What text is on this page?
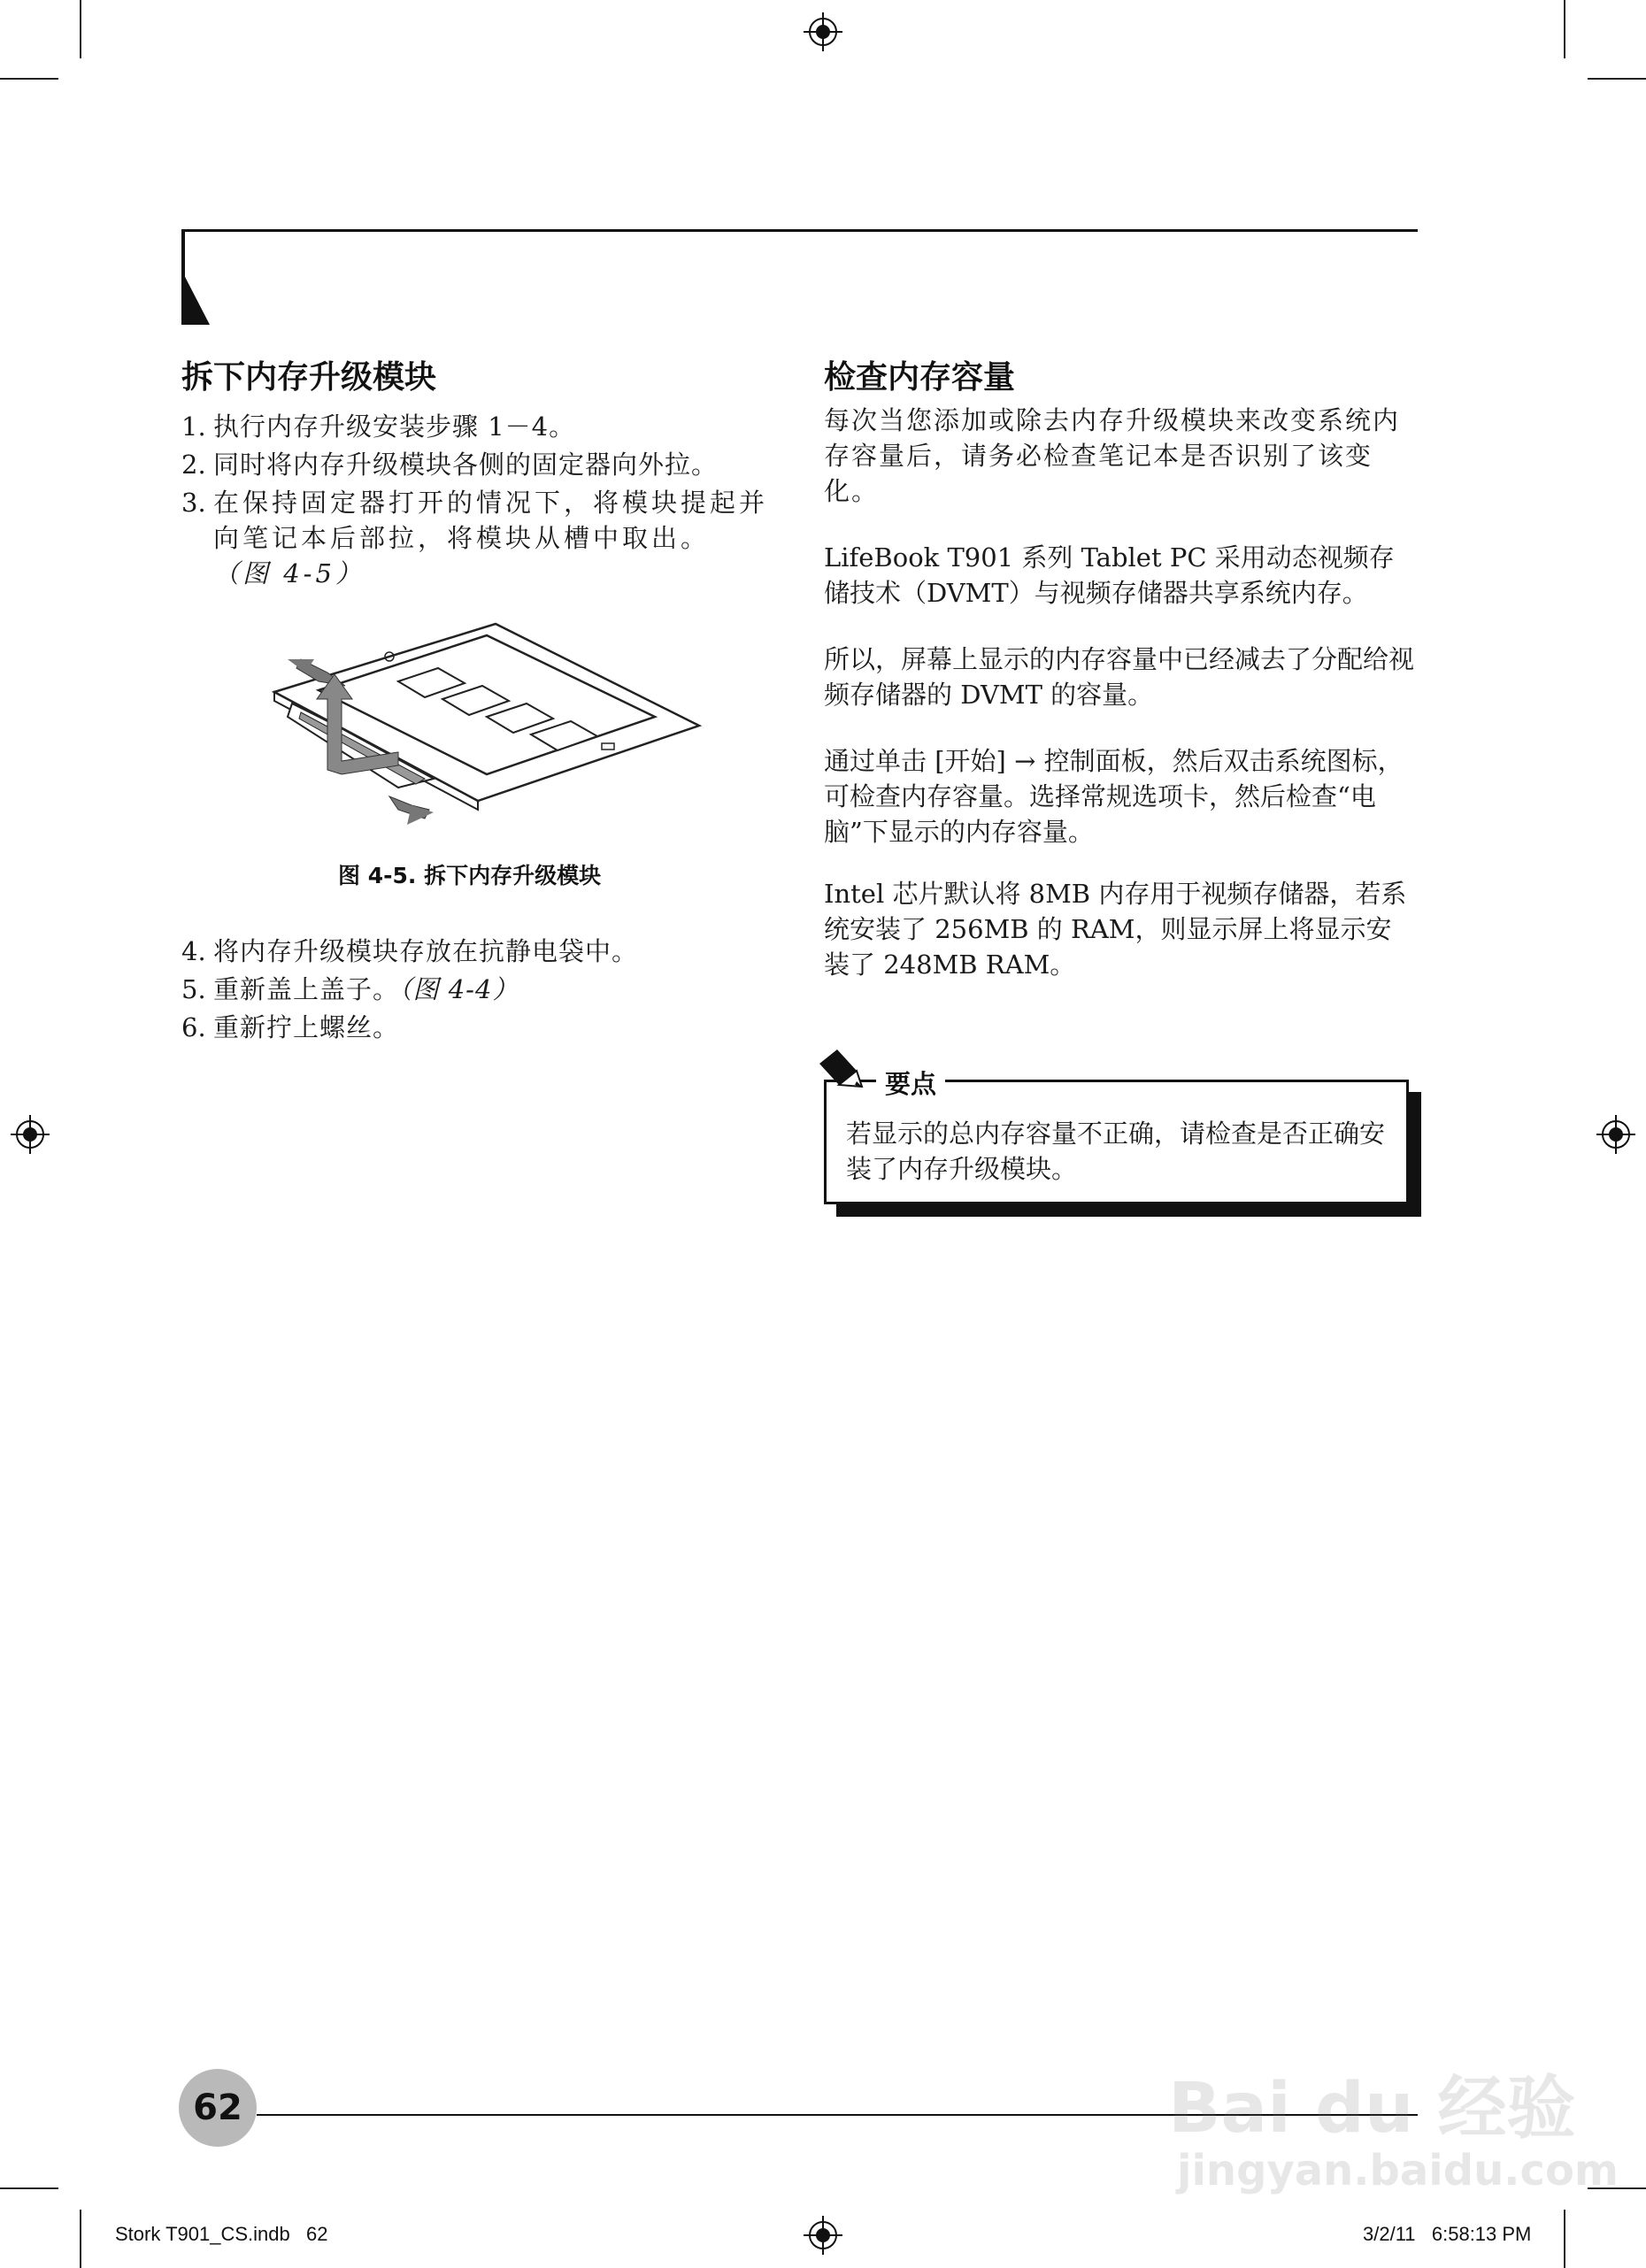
拆下内存升级模块
1. 执行内存升级安装步骤 1－4。
2. 同时将内存升级模块各侧的固定器向外拉。
3. 在保持固定器打开的情况下，将模块提起并向笔记本后部拉，将模块从槽中取出。
（图 4-5）
图 4-5. 拆下内存升级模块
4. 将内存升级模块存放在抗静电袋中。
5. 重新盖上盖子。（图 4-4）
6. 重新拧上螺丝。
检查内存容量
每次当您添加或除去内存升级模块来改变系统内存容量后，请务必检查笔记本是否识别了该变化。
LifeBook T901 系列 Tablet PC 采用动态视频存储技术（DVMT）与视频存储器共享系统内存。
所以，屏幕上显示的内存容量中已经减去了分配给视频存储器的 DVMT 的容量。
通过单击 [开始] → 控制面板，然后双击系统图标，可检查内存容量。选择常规选项卡，然后检查“电脑”下显示的内存容量。
Intel 芯片默认将 8MB 内存用于视频存储器，若系统安装了 256MB 的 RAM，则显示屏上将显示安装了 248MB RAM。
若显示的总内存容量不正确，请检查是否正确安装了内存升级模块。
要点
62
Stork T901_CS.indb   62	3/2/11   6:58:13 PM
Bai du 经验
jingyan.baidu.com
